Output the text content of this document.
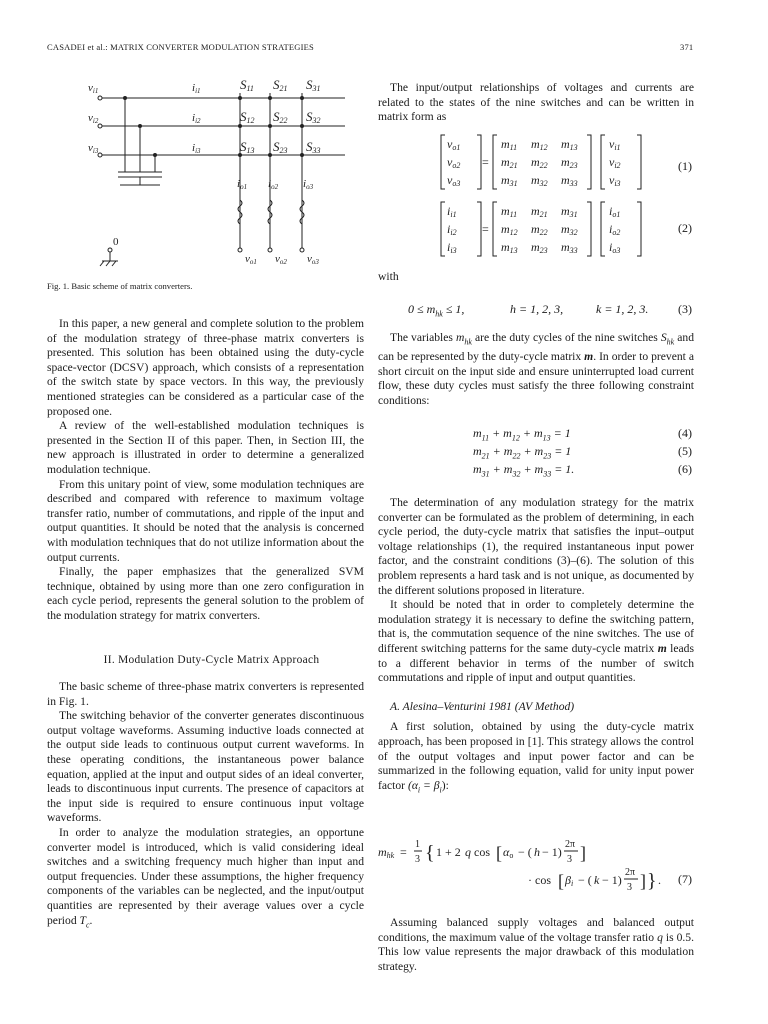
CASADEI et al.: MATRIX CONVERTER MODULATION STRATEGIES	371
vi1
vi2
vi3
ii1
ii2
ii3
S11 S21 S31
S12 S22 S32
S13 S23 S33
io1 io2 io3
vo1 vo2 vo3
0
Fig. 1. Basic scheme of matrix converters.

In this paper, a new general and complete solution to the problem of the modulation strategy of three-phase matrix converters is presented. This solution has been obtained using the duty-cycle space-vector (DCSV) approach, which consists of a representation of the switch state by space vectors. In this way, the previously mentioned strategies can be considered as a particular case of the proposed one.

A review of the well-established modulation techniques is presented in the Section II of this paper. Then, in Section III, the new approach is illustrated in order to determine a generalized modulation technique.

From this unitary point of view, some modulation techniques are described and compared with reference to maximum voltage transfer ratio, number of commutations, and ripple of the input and output quantities. It should be noted that the analysis is concerned with modulation techniques that do not utilize information about the output currents.

Finally, the paper emphasizes that the generalized SVM technique, obtained by using more than one zero configuration in each cycle period, represents the general solution to the problem of the modulation strategy for matrix converters.

II. Modulation Duty-Cycle Matrix Approach

The basic scheme of three-phase matrix converters is represented in Fig. 1.

The switching behavior of the converter generates discontinuous output voltage waveforms. Assuming inductive loads connected at the output side leads to continuous output current waveforms. In these operating conditions, the instantaneous power balance equation, applied at the input and output sides of an ideal converter, leads to discontinuous input currents. The presence of capacitors at the input side is required to ensure continuous input voltage waveforms.

In order to analyze the modulation strategies, an opportune converter model is introduced, which is valid considering ideal switches and a switching frequency much higher than input and output frequencies. Under these assumptions, the higher frequency components of the variables can be neglected, and the input/output quantities are represented by their average values over a cycle period $T_c$.

The input/output relationships of voltages and currents are related to the states of the nine switches and can be written in matrix form as

vo1
vo2
vo3
=
m11 m12 m13
m21 m22 m23
m31 m32 m33
vi1
vi2
vi3
ii1
ii2
ii3
=
m11 m21 m31
m12 m22 m32
m13 m23 m33
io1
io2
io3
(1)
(2)

with

$0 \le m_{hk} \le 1$,	h = 1, 2, 3,	k = 1, 2, 3. (3)

The variables $m_{hk}$ are the duty cycles of the nine switches $S_{hk}$ and can be represented by the duty-cycle matrix m. In order to prevent a short circuit on the input side and ensure uninterrupted load current flow, these duty cycles must satisfy the three following constraint conditions:

$m_{11} + m_{12} + m_{13} = 1$
$m_{21} + m_{22} + m_{23} = 1$
$m_{31} + m_{32} + m_{33} = 1$.
(4)
(5)
(6)

The determination of any modulation strategy for the matrix converter can be formulated as the problem of determining, in each cycle period, the duty-cycle matrix that satisfies the input–output voltage relationships (1), the required instantaneous input power factor, and the constraint conditions (3)–(6). The solution of this problem represents a hard task and is not unique, as documented by the different solutions proposed in literature.

It should be noted that in order to completely determine the modulation strategy it is necessary to define the switching pattern, that is, the commutation sequence of the nine switches. The use of different switching patterns for the same duty-cycle matrix m leads to a different behavior in terms of the number of switch commutations and ripple of input and output quantities.

A. Alesina–Venturini 1981 (AV Method)

A first solution, obtained by using the duty-cycle matrix approach, has been proposed in [1]. This strategy allows the control of the output voltages and input power factor and can be summarized in the following equation, valid for unity input power factor $(\alpha_i = \beta_i)$:

mhk =
1
3 { 1 + 2 q cos [ αo − ( h − 1)
2π
3 ]
· cos [ βi − ( k − 1)
2π
3 ] } . (7)

Assuming balanced supply voltages and balanced output conditions, the maximum value of the voltage transfer ratio q is 0.5. This low value represents the major drawback of this modulation strategy.
